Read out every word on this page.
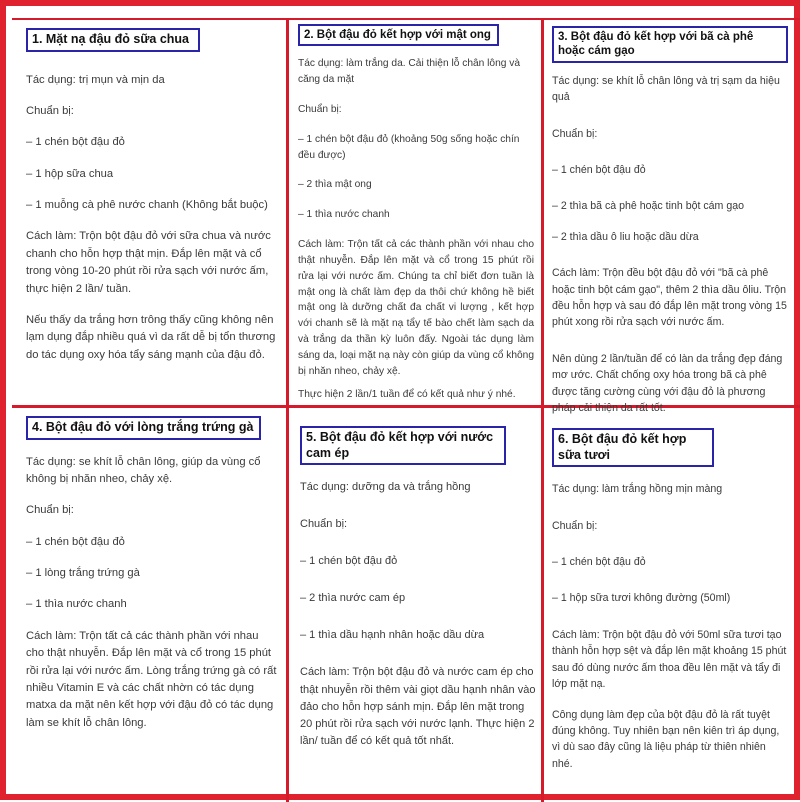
1. Mặt nạ đậu đỏ sữa chua

Tác dụng: trị mụn và mịn da

Chuẩn bị:

– 1 chén bột đậu đỏ

– 1 hộp sữa chua

– 1 muỗng cà phê nước chanh (Không bắt buộc)

Cách làm: Trộn bột đậu đỏ với sữa chua và nước chanh cho hỗn hợp thật mịn. Đắp lên mặt và cổ trong vòng 10-20 phút rồi rửa sạch với nước ấm, thực hiện 2 lần/ tuần.

Nếu thấy da trắng hơn trông thấy cũng không nên lạm dụng đắp nhiều quá vì da rất dễ bị tổn thương do tác dụng oxy hóa tẩy sáng mạnh của đậu đỏ.

2. Bột đậu đỏ kết hợp với mật ong

Tác dụng: làm trắng da. Cải thiện lỗ chân lông và căng da mặt

Chuẩn bị:

– 1 chén bột đậu đỏ (khoảng 50g sống hoặc chín đều được)

– 2 thìa mật ong

– 1 thìa nước chanh

Cách làm: Trộn tất cả các thành phần với nhau cho thật nhuyễn. Đắp lên mặt và cổ trong 15 phút rồi rửa lại với nước ấm. Chúng ta chỉ biết đơn tuần là mật ong là chất làm đẹp da thôi chứ không hề biết mật ong là dưỡng chất đa chất vi lượng , kết hợp với chanh sẽ là mặt nạ tẩy tế bào chết làm sạch da và trắng da thần kỳ luôn đấy. Ngoài tác dụng làm sáng da, loại mặt nạ này còn giúp da vùng cổ không bị nhăn nheo, chảy xệ.

Thực hiện 2 lần/1 tuần để có kết quả như ý nhé.

3. Bột đậu đỏ kết hợp với bã cà phê hoặc cám gạo

Tác dụng: se khít lỗ chân lông và trị sạm da hiệu quả

Chuẩn bị:

– 1 chén bột đậu đỏ

– 2 thìa bã cà phê hoặc tinh bột cám gạo

– 2 thìa dầu ô liu hoặc dầu dừa

Cách làm: Trộn đều bột đậu đỏ với "bã cà phê hoặc tinh bột cám gạo", thêm 2 thìa dầu ôliu. Trộn đều hỗn hợp và sau đó đắp lên mặt trong vòng 15 phút xong rồi rửa sạch với nước ấm.

Nên dùng 2 lần/tuần để có làn da trắng đẹp đáng mơ ước. Chất chống oxy hóa trong bã cà phê được tăng cường cùng với đậu đỏ là phương pháp cải thiện da rất tốt.

4. Bột đậu đỏ với lòng trắng trứng gà

Tác dụng: se khít lỗ chân lông, giúp da vùng cổ không bị nhăn nheo, chảy xệ.

Chuẩn bị:

– 1 chén bột đậu đỏ

– 1 lòng trắng trứng gà

– 1 thìa nước chanh

Cách làm: Trộn tất cả các thành phần với nhau cho thật nhuyễn. Đắp lên mặt và cổ trong 15 phút rồi rửa lại với nước ấm. Lòng trắng trứng gà có rất nhiều Vitamin E và các chất nhờn có tác dụng matxa da mặt nên kết hợp với đậu đỏ có tác dụng làm se khít lỗ chân lông.

5. Bột đậu đỏ kết hợp với nước cam ép

Tác dụng: dưỡng da và trắng hồng

Chuẩn bị:

– 1 chén bột đậu đỏ

– 2 thìa nước cam ép

– 1 thìa dầu hạnh nhân hoặc dầu dừa

Cách làm: Trộn bột đậu đỏ và nước cam ép cho thật nhuyễn rồi thêm vài giọt dầu hạnh nhân vào đảo cho hỗn hợp sánh mịn. Đắp lên mặt trong 20 phút rồi rửa sạch với nước lạnh. Thực hiện 2 lần/ tuần để có kết quả tốt nhất.

6. Bột đậu đỏ kết hợp sữa tươi

Tác dụng: làm trắng hồng mịn màng

Chuẩn bị:

– 1 chén bột đậu đỏ

– 1 hộp sữa tươi không đường (50ml)

Cách làm: Trộn bột đậu đỏ với 50ml sữa tươi tạo thành hỗn hợp sệt và đắp lên mặt khoảng 15 phút sau đó dùng nước ấm thoa đều lên mặt và tẩy đi lớp mặt nạ.

Công dụng làm đẹp của bột đậu đỏ là rất tuyệt đúng không. Tuy nhiên bạn nên kiên trì áp dụng, vì dù sao đây cũng là liệu pháp từ thiên nhiên nhé.
